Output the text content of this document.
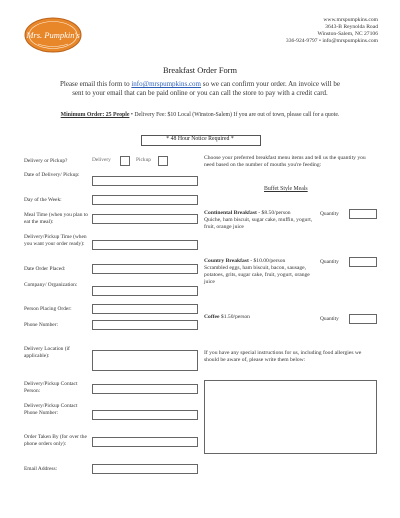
Mrs. Pumpkin's
www.mrspumpkins.com
3643-B Reynolda Road
Winston-Salem, NC 27106
336-924-9797 • info@mrspumpkins.com
Breakfast Order Form
Please email this form to info@mrspumpkins.com so we can confirm your order. An invoice will be sent to your email that can be paid online or you can call the store to pay with a credit card.
Minimum Order: 25 People • Delivery Fee: $10 Local (Winston-Salem) If you are out of town, please call for a quote.
* 48 Hour Notice Required *
Delivery or Pickup?	Delivery	Pickup
Date of Delivery/ Pickup:
Day of the Week:
Meal Time (when you plan to eat the meal):
Delivery/Pickup Time (when you want your order ready):
Date Order Placed:
Company/ Organization:
Person Placing Order:
Phone Number:
Delivery Location (if applicable):
Delivery/Pickup Contact Person:
Delivery/Pickup Contact Phone Number:
Order Taken By (for over the phone orders only):
Email Address:
Choose your preferred breakfast menu items and tell us the quantity you need based on the number of mouths you're feeding:
Buffet Style Meals
Continental Breakfast - $8.50/person
Quiche, ham biscuit, sugar cake, muffin, yogurt, fruit, orange juice
Quantity
Country Breakfast - $10.00/person
Scrambled eggs, ham biscuit, bacon, sausage, potatoes, grits, sugar cake, fruit, yogurt, orange juice
Quantity
Coffee $1.50/person	Quantity
If you have any special instructions for us, including food allergies we should be aware of, please write them below:
